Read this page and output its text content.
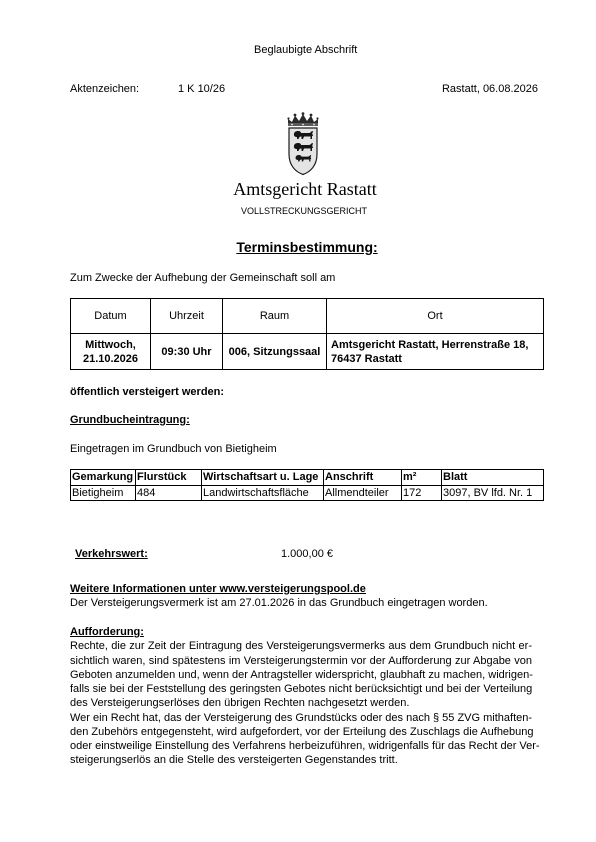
Beglaubigte Abschrift
Aktenzeichen:	1 K 10/26	Rastatt, 06.08.2026
Amtsgericht Rastatt
VOLLSTRECKUNGSGERICHT
Terminsbestimmung:
Zum Zwecke der Aufhebung der Gemeinschaft soll am
Datum	Uhrzeit	Raum	Ort

Mittwoch,
21.10.2026	09:30 Uhr	006, Sitzungssaal	Amtsgericht Rastatt, Herrenstraße 18,
76437 Rastatt
öffentlich versteigert werden:
Grundbucheintragung:
Eingetragen im Grundbuch von Bietigheim
Gemarkung	Flurstück	Wirtschaftsart u. Lage	Anschrift	m²	Blatt
Bietigheim	484	Landwirtschaftsfläche	Allmendteiler	172	3097, BV lfd. Nr. 1
Verkehrswert:	1.000,00 €
Weitere Informationen unter www.versteigerungspool.de
Der Versteigerungsvermerk ist am 27.01.2026 in das Grundbuch eingetragen worden.
Aufforderung:
Rechte, die zur Zeit der Eintragung des Versteigerungsvermerks aus dem Grundbuch nicht er-
sichtlich waren, sind spätestens im Versteigerungstermin vor der Aufforderung zur Abgabe von
Geboten anzumelden und, wenn der Antragsteller widerspricht, glaubhaft zu machen, widrigen-
falls sie bei der Feststellung des geringsten Gebotes nicht berücksichtigt und bei der Verteilung
des Versteigerungserlöses den übrigen Rechten nachgesetzt werden.
Wer ein Recht hat, das der Versteigerung des Grundstücks oder des nach § 55 ZVG mithaften-
den Zubehörs entgegensteht, wird aufgefordert, vor der Erteilung des Zuschlags die Aufhebung
oder einstweilige Einstellung des Verfahrens herbeizuführen, widrigenfalls für das Recht der Ver-
steigerungserlös an die Stelle des versteigerten Gegenstandes tritt.
